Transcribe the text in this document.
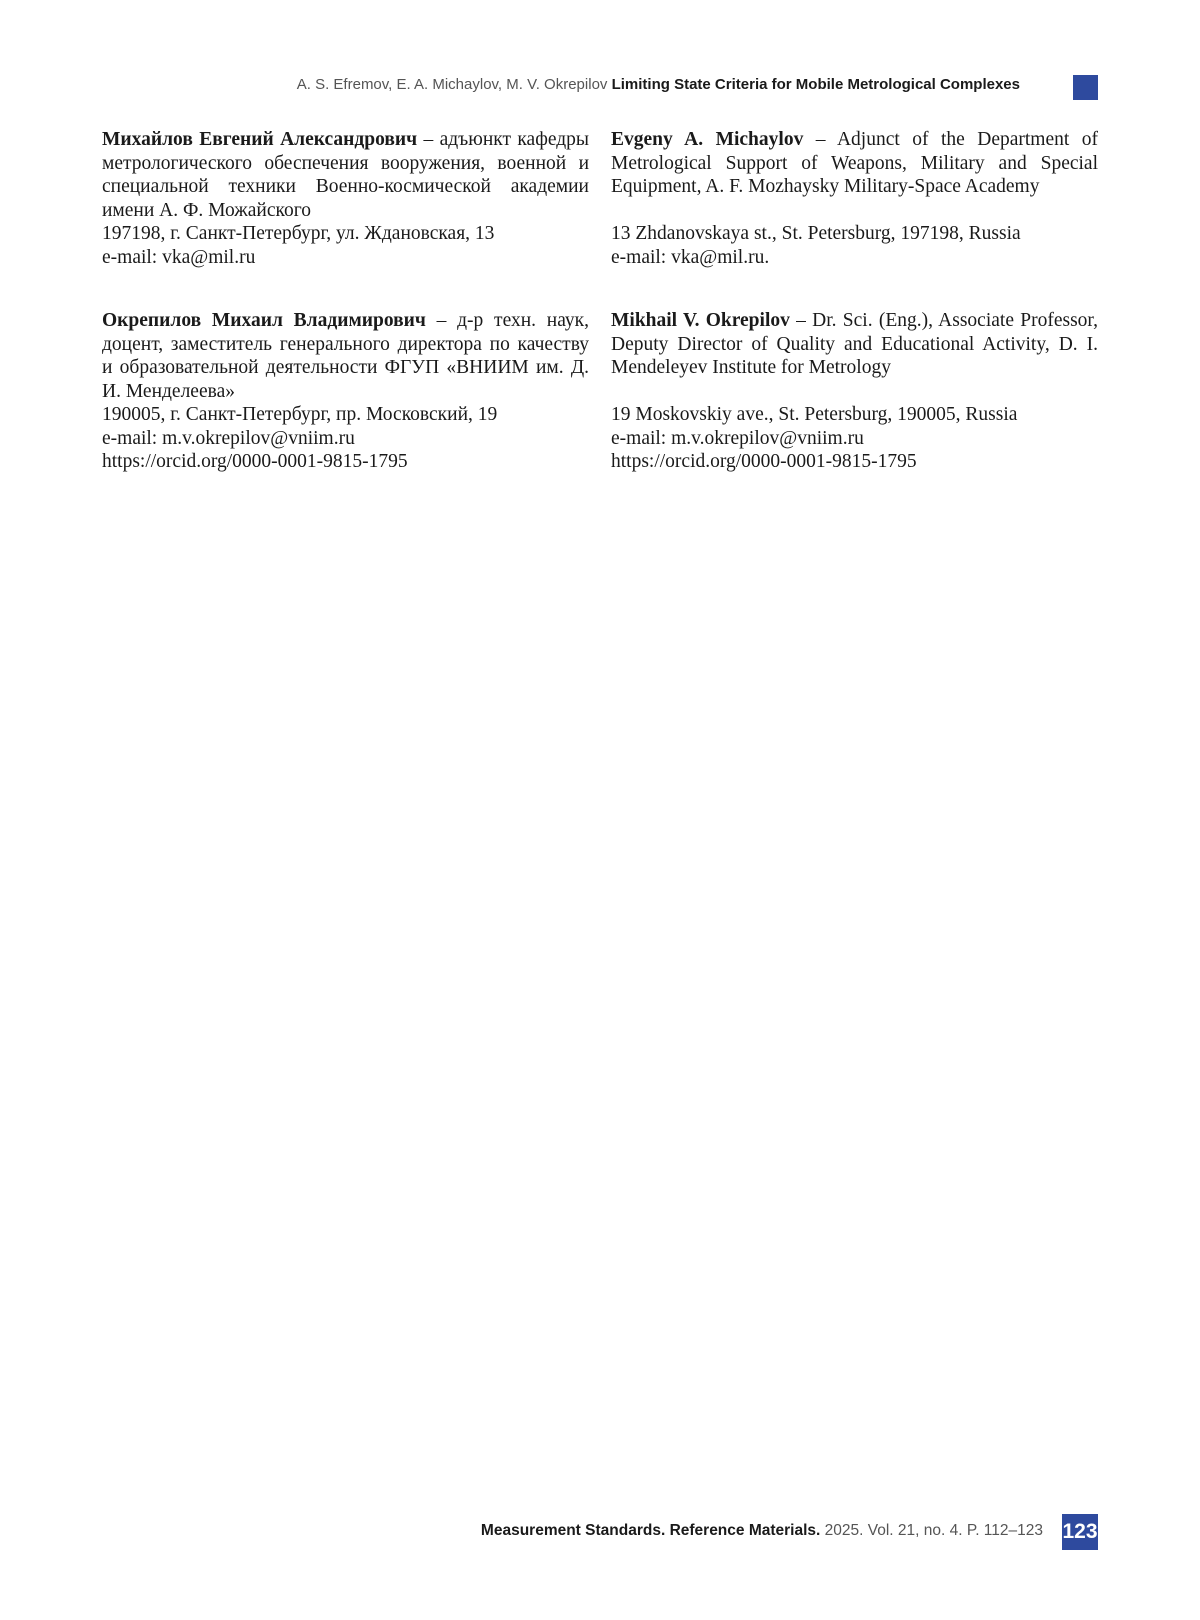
A. S. Efremov, E. A. Michaylov, M. V. Okrepilov Limiting State Criteria for Mobile Metrological Complexes
Михайлов Евгений Александрович – адъюнкт кафедры метрологического обеспечения вооружения, военной и специальной техники Военно-космической академии имени А. Ф. Можайского
197198, г. Санкт-Петербург, ул. Ждановская, 13
e-mail: vka@mil.ru
Evgeny A. Michaylov – Adjunct of the Department of Metrological Support of Weapons, Military and Special Equipment, A. F. Mozhaysky Military-Space Academy
13 Zhdanovskaya st., St. Petersburg, 197198, Russia
e-mail: vka@mil.ru.
Окрепилов Михаил Владимирович – д-р техн. наук, доцент, заместитель генерального директора по качеству и образовательной деятельности ФГУП «ВНИИМ им. Д. И. Менделеева»
190005, г. Санкт-Петербург, пр. Московский, 19
e-mail: m.v.okrepilov@vniim.ru
https://orcid.org/0000-0001-9815-1795
Mikhail V. Okrepilov – Dr. Sci. (Eng.), Associate Professor, Deputy Director of Quality and Educational Activity, D. I. Mendeleyev Institute for Metrology
19 Moskovskiy ave., St. Petersburg, 190005, Russia
e-mail: m.v.okrepilov@vniim.ru
https://orcid.org/0000-0001-9815-1795
Measurement Standards. Reference Materials. 2025. Vol. 21, no. 4. P. 112–123 123
